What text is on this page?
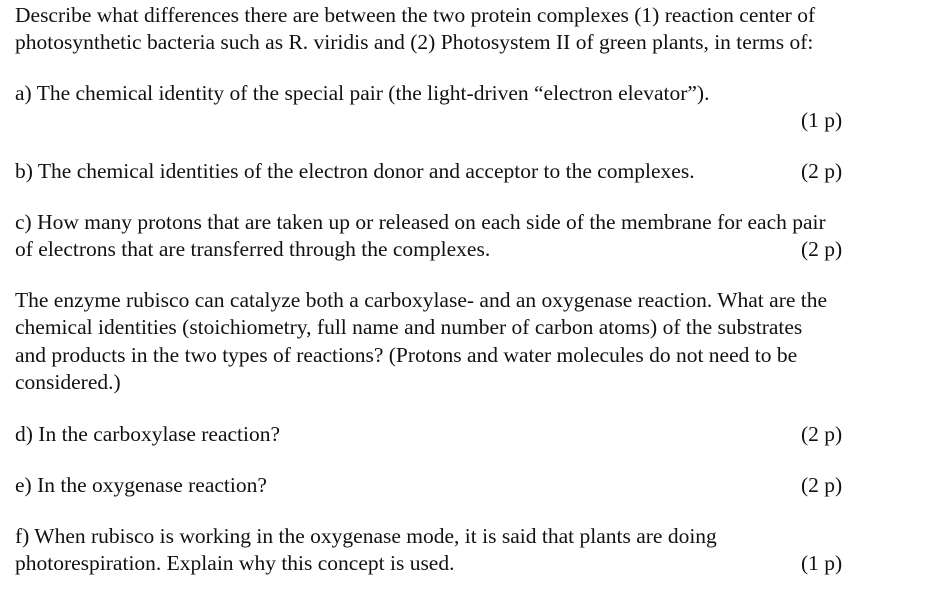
Describe what differences there are between the two protein complexes (1) reaction center of
photosynthetic bacteria such as R. viridis and (2) Photosystem II of green plants, in terms of:
a) The chemical identity of the special pair (the light-driven “electron elevator”).
(1 p)
b) The chemical identities of the electron donor and acceptor to the complexes.	(2 p)
c) How many protons that are taken up or released on each side of the membrane for each pair
of electrons that are transferred through the complexes.	(2 p)
The enzyme rubisco can catalyze both a carboxylase- and an oxygenase reaction. What are the
chemical identities (stoichiometry, full name and number of carbon atoms) of the substrates
and products in the two types of reactions? (Protons and water molecules do not need to be
considered.)
d) In the carboxylase reaction?	(2 p)
e) In the oxygenase reaction?	(2 p)
f) When rubisco is working in the oxygenase mode, it is said that plants are doing
photorespiration. Explain why this concept is used.	(1 p)
